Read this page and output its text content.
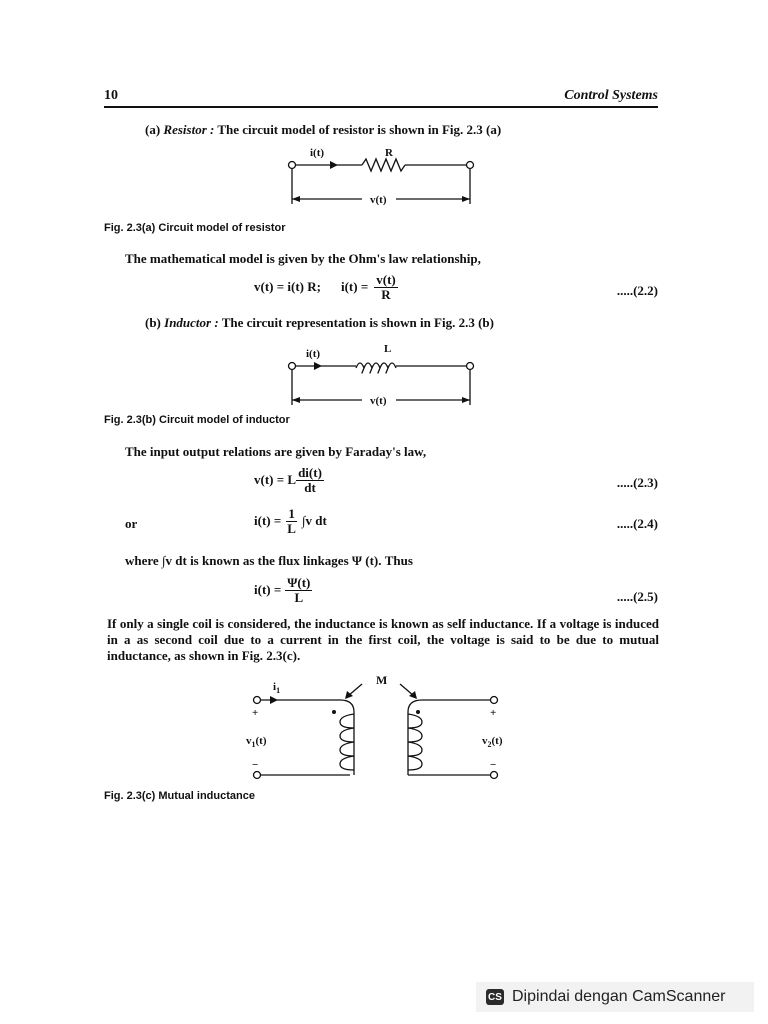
10	Control Systems
(a) Resistor : The circuit model of resistor is shown in Fig. 2.3 (a)
i(t)	R
v(t)
Fig. 2.3(a) Circuit model of resistor
The mathematical model is given by the Ohm's law relationship,
v(t) = i(t) R; $i(t) = \frac{v(t)}{R}$	.....(2.2)
(b) Inductor : The circuit representation is shown in Fig. 2.3 (b)
i(t)	L
v(t)
Fig. 2.3(b) Circuit model of inductor
The input output relations are given by Faraday's law,
v(t) = L $\frac{di(t)}{dt}$	.....(2.3)
or	$i(t) = \frac{1}{L} \int v$ dt	.....(2.4)
where ∫v dt is known as the flux linkages Ψ (t). Thus
$i(t) = \frac{\Psi(t)}{L}$	.....(2.5)
If only a single coil is considered, the inductance is known as self inductance. If a voltage is induced in a as second coil due to a current in the first coil, the voltage is said to be due to mutual inductance, as shown in Fig. 2.3(c).
M
$i_1$
+
$v_1(t)$
−
+
$v_2(t)$
−
Fig. 2.3(c) Mutual inductance
CS Dipindai dengan CamScanner
